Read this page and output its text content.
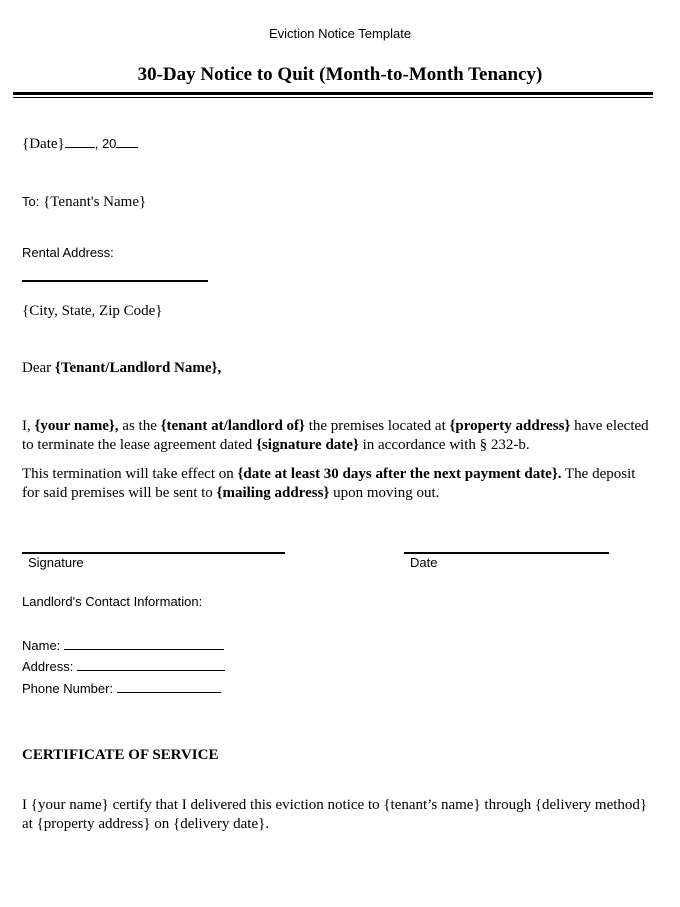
Eviction Notice Template
30-Day Notice to Quit (Month-to-Month Tenancy)
{Date} , 20
To: {Tenant's Name}
Rental Address:
{City, State, Zip Code}
Dear {Tenant/Landlord Name},
I, {your name}, as the {tenant at/landlord of} the premises located at {property address} have elected to terminate the lease agreement dated {signature date} in accordance with § 232-b.
This termination will take effect on {date at least 30 days after the next payment date}. The deposit for said premises will be sent to {mailing address} upon moving out.
Signature	Date
Landlord's Contact Information:
Name:
Address:
Phone Number:
CERTIFICATE OF SERVICE
I {your name} certify that I delivered this eviction notice to {tenant’s name} through {delivery method} at {property address} on {delivery date}.
